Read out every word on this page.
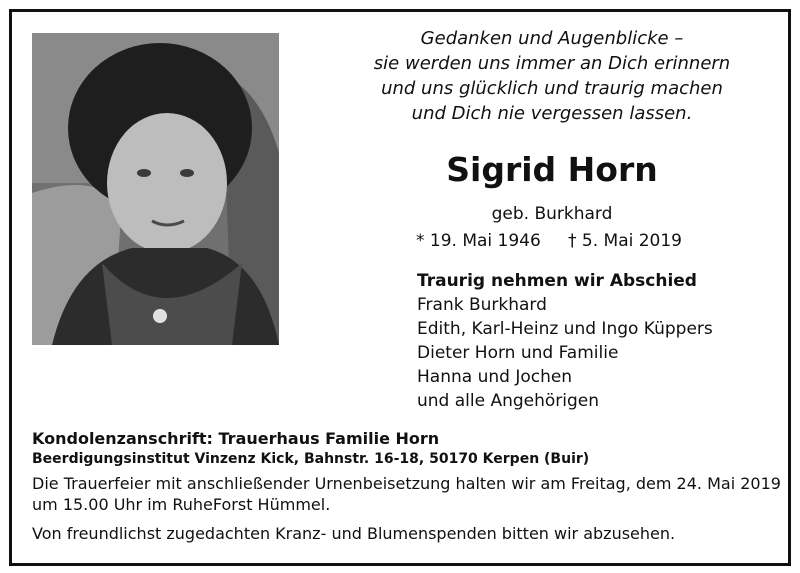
Gedanken und Augenblicke –
sie werden uns immer an Dich erinnern
und uns glücklich und traurig machen
und Dich nie vergessen lassen.
Sigrid Horn
geb. Burkhard
* 19. Mai 1946 † 5. Mai 2019
Traurig nehmen wir Abschied
Frank Burkhard
Edith, Karl-Heinz und Ingo Küppers
Dieter Horn und Familie
Hanna und Jochen
und alle Angehörigen
Kondolenzanschrift: Trauerhaus Familie Horn
Beerdigungsinstitut Vinzenz Kick, Bahnstr. 16-18, 50170 Kerpen (Buir)
Die Trauerfeier mit anschließender Urnenbeisetzung halten wir am Freitag, dem 24. Mai 2019
um 15.00 Uhr im RuheForst Hümmel.
Von freundlichst zugedachten Kranz- und Blumenspenden bitten wir abzusehen.
